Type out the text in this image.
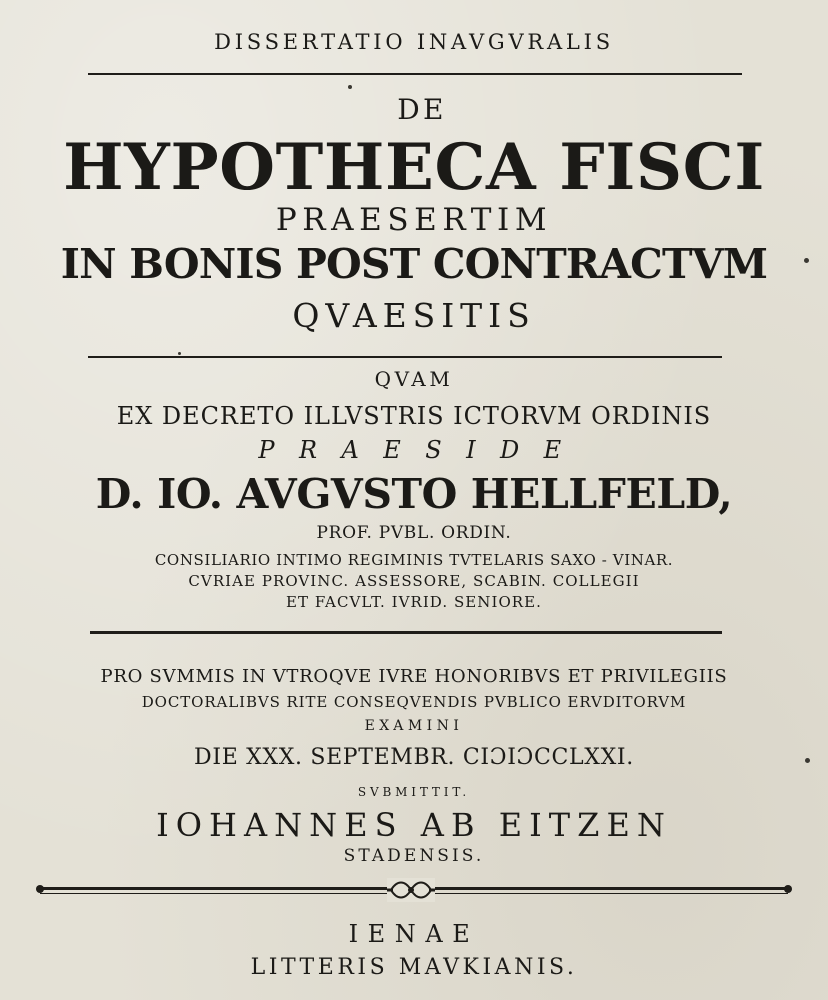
DISSERTATIO INAVGVRALIS
DE
HYPOTHECA FISCI
PRAESERTIM
IN BONIS POST CONTRACTVM
QVAESITIS
QVAM
EX DECRETO ILLVSTRIS ICTORVM ORDINIS
P R A E S I D E
D. IO. AVGVSTO HELLFELD,
PROF. PVBL. ORDIN.
CONSILIARIO INTIMO REGIMINIS TVTELARIS SAXO - VINAR.
CVRIAE PROVINC. ASSESSORE, SCABIN. COLLEGII
ET FACVLT. IVRID. SENIORE.
PRO SVMMIS IN VTROQVE IVRE HONORIBVS ET PRIVILEGIIS
DOCTORALIBVS RITE CONSEQVENDIS PVBLICO ERVDITORVM
EXAMINI
DIE XXX. SEPTEMBR. CIƆIƆCCLXXI.
SVBMITTIT.
IOHANNES AB EITZEN
STADENSIS.
IENAE
LITTERIS MAVKIANIS.
